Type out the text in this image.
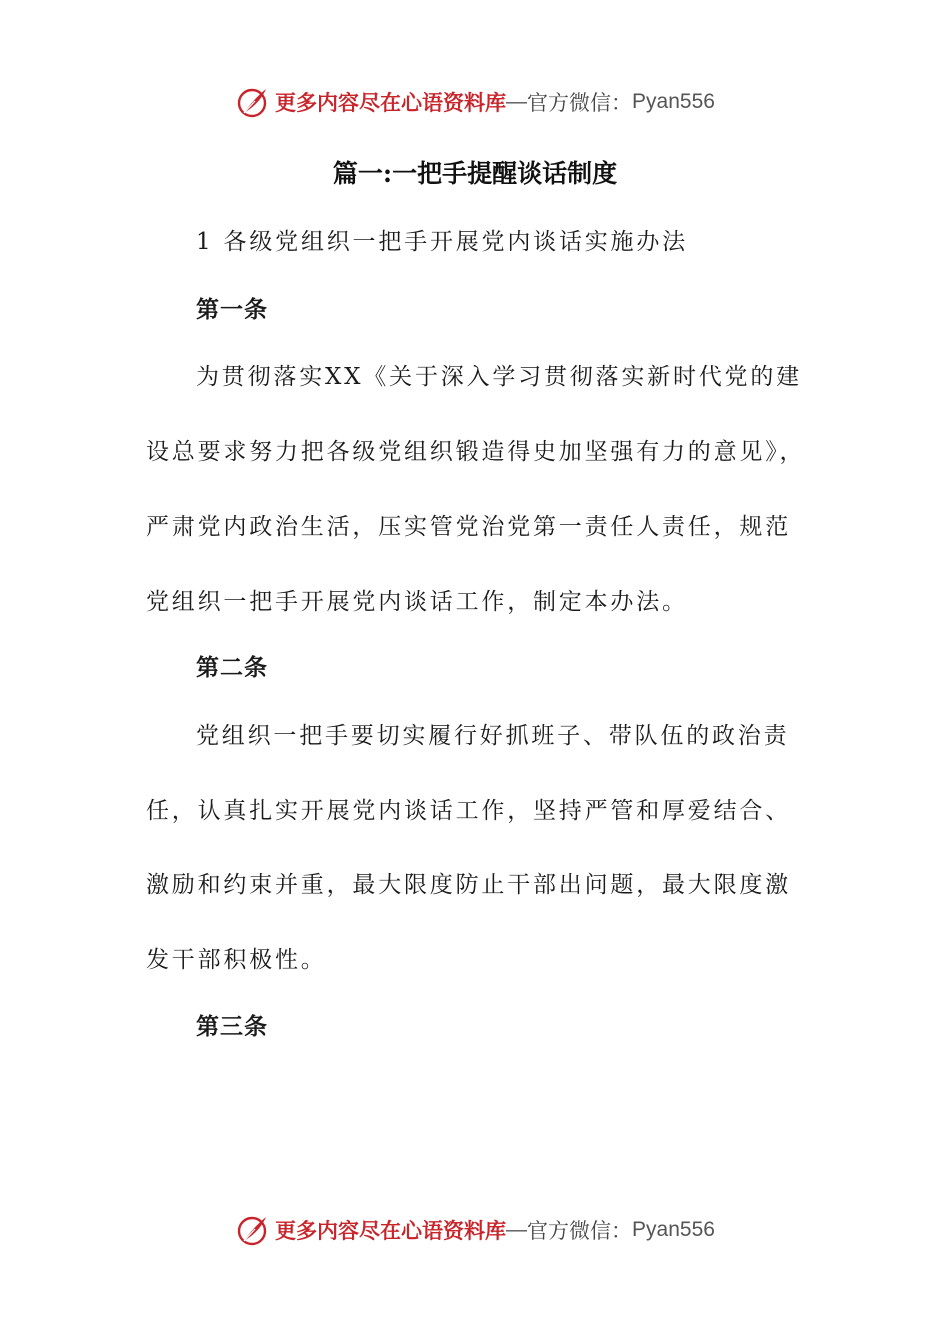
更多内容尽在心语资料库 — 官方微信： Pyan556
篇一:一把手提醒谈话制度
1 各级党组织一把手开展党内谈话实施办法
第一条
为贯彻落实XX《关于深入学习贯彻落实新时代党的建
设总要求努力把各级党组织锻造得史加坚强有力的意见》，
严肃党内政治生活，压实管党治党第一责任人责任，规范
党组织一把手开展党内谈话工作，制定本办法。
第二条
党组织一把手要切实履行好抓班子、带队伍的政治责
任，认真扎实开展党内谈话工作，坚持严管和厚爱结合、
激励和约束并重，最大限度防止干部出问题，最大限度激
发干部积极性。
第三条
更多内容尽在心语资料库 — 官方微信： Pyan556
